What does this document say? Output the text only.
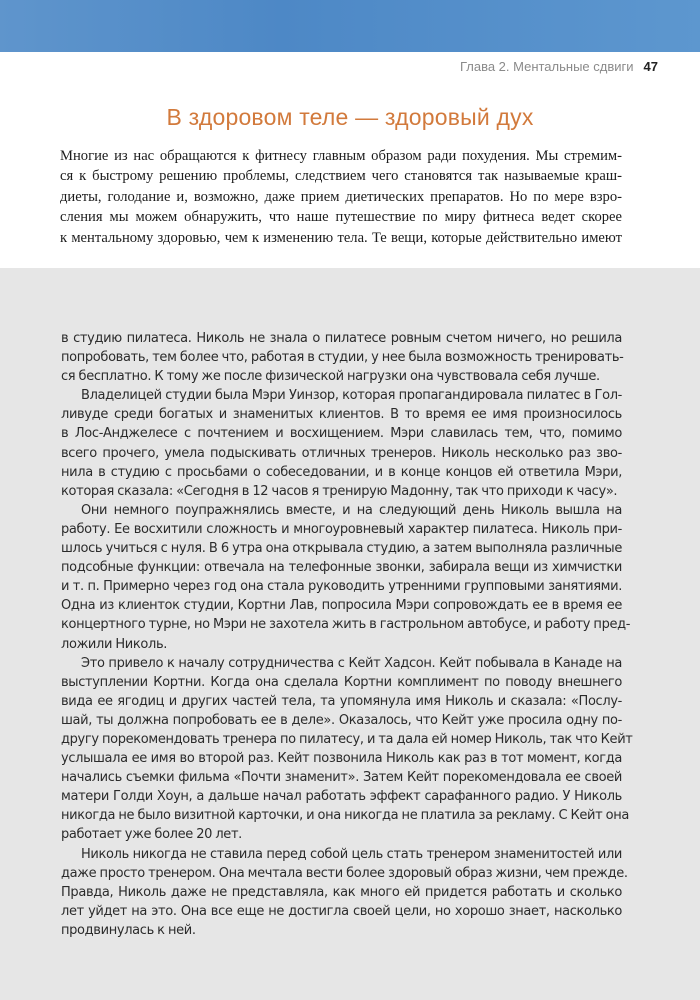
Глава 2. Ментальные сдвиги 47
В здоровом теле — здоровый дух
Многие из нас обращаются к фитнесу главным образом ради похудения. Мы стремим-
ся к быстрому решению проблемы, следствием чего становятся так называемые краш-
диеты, голодание и, возможно, даже прием диетических препаратов. Но по мере взро-
сления мы можем обнаружить, что наше путешествие по миру фитнеса ведет скорее
к ментальному здоровью, чем к изменению тела. Те вещи, которые действительно имеют
в студию пилатеса. Николь не знала о пилатесе ровным счетом ничего, но решила
попробовать, тем более что, работая в студии, у нее была возможность тренировать-
ся бесплатно. К тому же после физической нагрузки она чувствовала себя лучше.
Владелицей студии была Мэри Уинзор, которая пропагандировала пилатес в Гол-
ливуде среди богатых и знаменитых клиентов. В то время ее имя произносилось
в Лос-Анджелесе с почтением и восхищением. Мэри славилась тем, что, помимо
всего прочего, умела подыскивать отличных тренеров. Николь несколько раз зво-
нила в студию с просьбами о собеседовании, и в конце концов ей ответила Мэри,
которая сказала: «Сегодня в 12 часов я тренирую Мадонну, так что приходи к часу».
Они немного поупражнялись вместе, и на следующий день Николь вышла на
работу. Ее восхитили сложность и многоуровневый характер пилатеса. Николь при-
шлось учиться с нуля. В 6 утра она открывала студию, а затем выполняла различные
подсобные функции: отвечала на телефонные звонки, забирала вещи из химчистки
и т. п. Примерно через год она стала руководить утренними групповыми занятиями.
Одна из клиенток студии, Кортни Лав, попросила Мэри сопровождать ее в время ее
концертного турне, но Мэри не захотела жить в гастрольном автобусе, и работу пред-
ложили Николь.
Это привело к началу сотрудничества с Кейт Хадсон. Кейт побывала в Канаде на
выступлении Кортни. Когда она сделала Кортни комплимент по поводу внешнего
вида ее ягодиц и других частей тела, та упомянула имя Николь и сказала: «Послу-
шай, ты должна попробовать ее в деле». Оказалось, что Кейт уже просила одну по-
другу порекомендовать тренера по пилатесу, и та дала ей номер Николь, так что Кейт
услышала ее имя во второй раз. Кейт позвонила Николь как раз в тот момент, когда
начались съемки фильма «Почти знаменит». Затем Кейт порекомендовала ее своей
матери Голди Хоун, а дальше начал работать эффект сарафанного радио. У Николь
никогда не было визитной карточки, и она никогда не платила за рекламу. С Кейт она
работает уже более 20 лет.
Николь никогда не ставила перед собой цель стать тренером знаменитостей или
даже просто тренером. Она мечтала вести более здоровый образ жизни, чем прежде.
Правда, Николь даже не представляла, как много ей придется работать и сколько
лет уйдет на это. Она все еще не достигла своей цели, но хорошо знает, насколько
продвинулась к ней.
